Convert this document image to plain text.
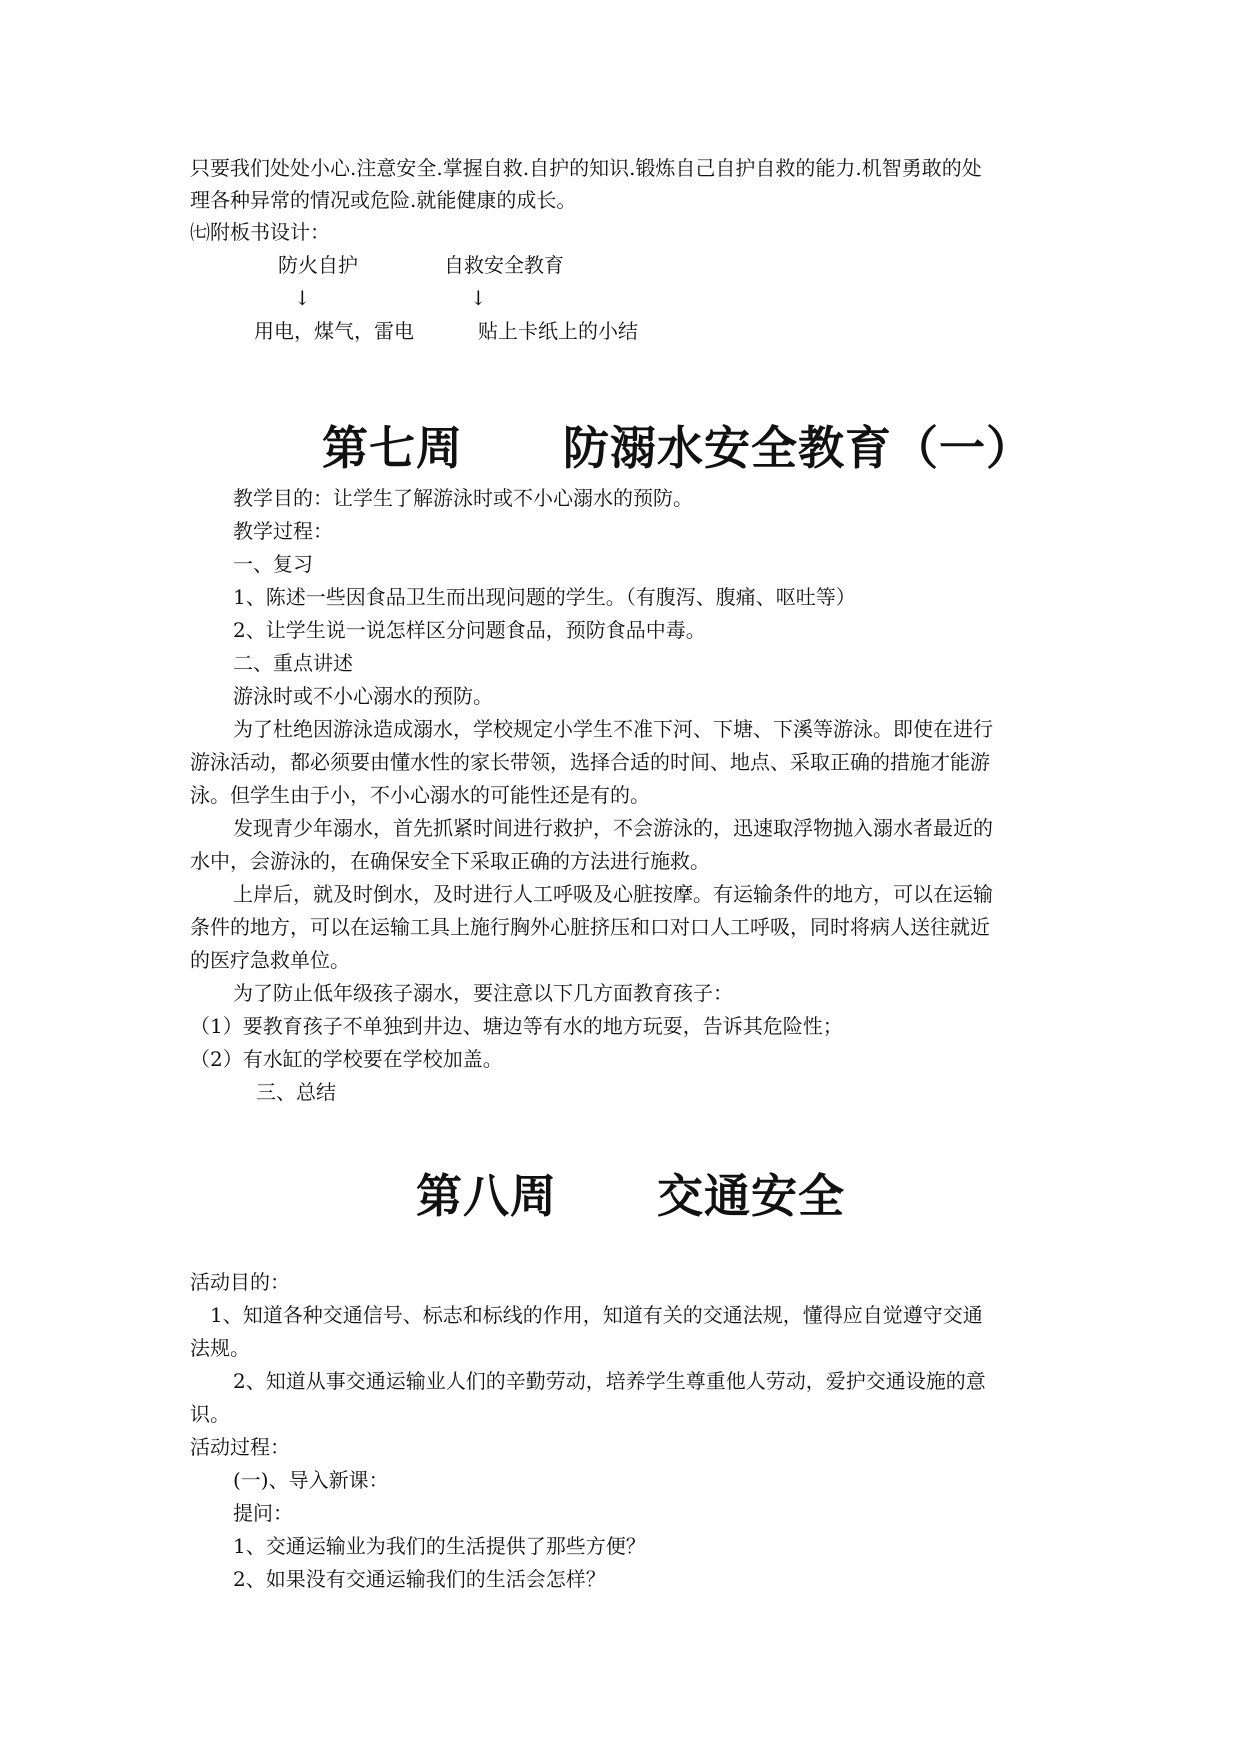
只要我们处处小心.注意安全.掌握自救.自护的知识.锻炼自己自护自救的能力.机智勇敢的处
理各种异常的情况或危险.就能健康的成长。
㈦附板书设计：
防火自护	自救安全教育
↓	↓
用电，煤气，雷电	贴上卡纸上的小结
第七周 防溺水安全教育（一）
教学目的：让学生了解游泳时或不小心溺水的预防。
教学过程：
一、复习
1、陈述一些因食品卫生而出现问题的学生。（有腹泻、腹痛、呕吐等）
2、让学生说一说怎样区分问题食品，预防食品中毒。
二、重点讲述
游泳时或不小心溺水的预防。
为了杜绝因游泳造成溺水，学校规定小学生不准下河、下塘、下溪等游泳。即使在进行
游泳活动，都必须要由懂水性的家长带领，选择合适的时间、地点、采取正确的措施才能游
泳。但学生由于小，不小心溺水的可能性还是有的。
发现青少年溺水，首先抓紧时间进行救护，不会游泳的，迅速取浮物抛入溺水者最近的
水中，会游泳的，在确保安全下采取正确的方法进行施救。
上岸后，就及时倒水，及时进行人工呼吸及心脏按摩。有运输条件的地方，可以在运输
条件的地方，可以在运输工具上施行胸外心脏挤压和口对口人工呼吸，同时将病人送往就近
的医疗急救单位。
为了防止低年级孩子溺水，要注意以下几方面教育孩子：
（1）要教育孩子不单独到井边、塘边等有水的地方玩耍，告诉其危险性；
（2）有水缸的学校要在学校加盖。
三、总结
第八周 交通安全
活动目的：
1、知道各种交通信号、标志和标线的作用，知道有关的交通法规，懂得应自觉遵守交通
法规。
2、知道从事交通运输业人们的辛勤劳动，培养学生尊重他人劳动，爱护交通设施的意
识。
活动过程：
(一)、导入新课：
提问：
1、交通运输业为我们的生活提供了那些方便？
2、如果没有交通运输我们的生活会怎样？
